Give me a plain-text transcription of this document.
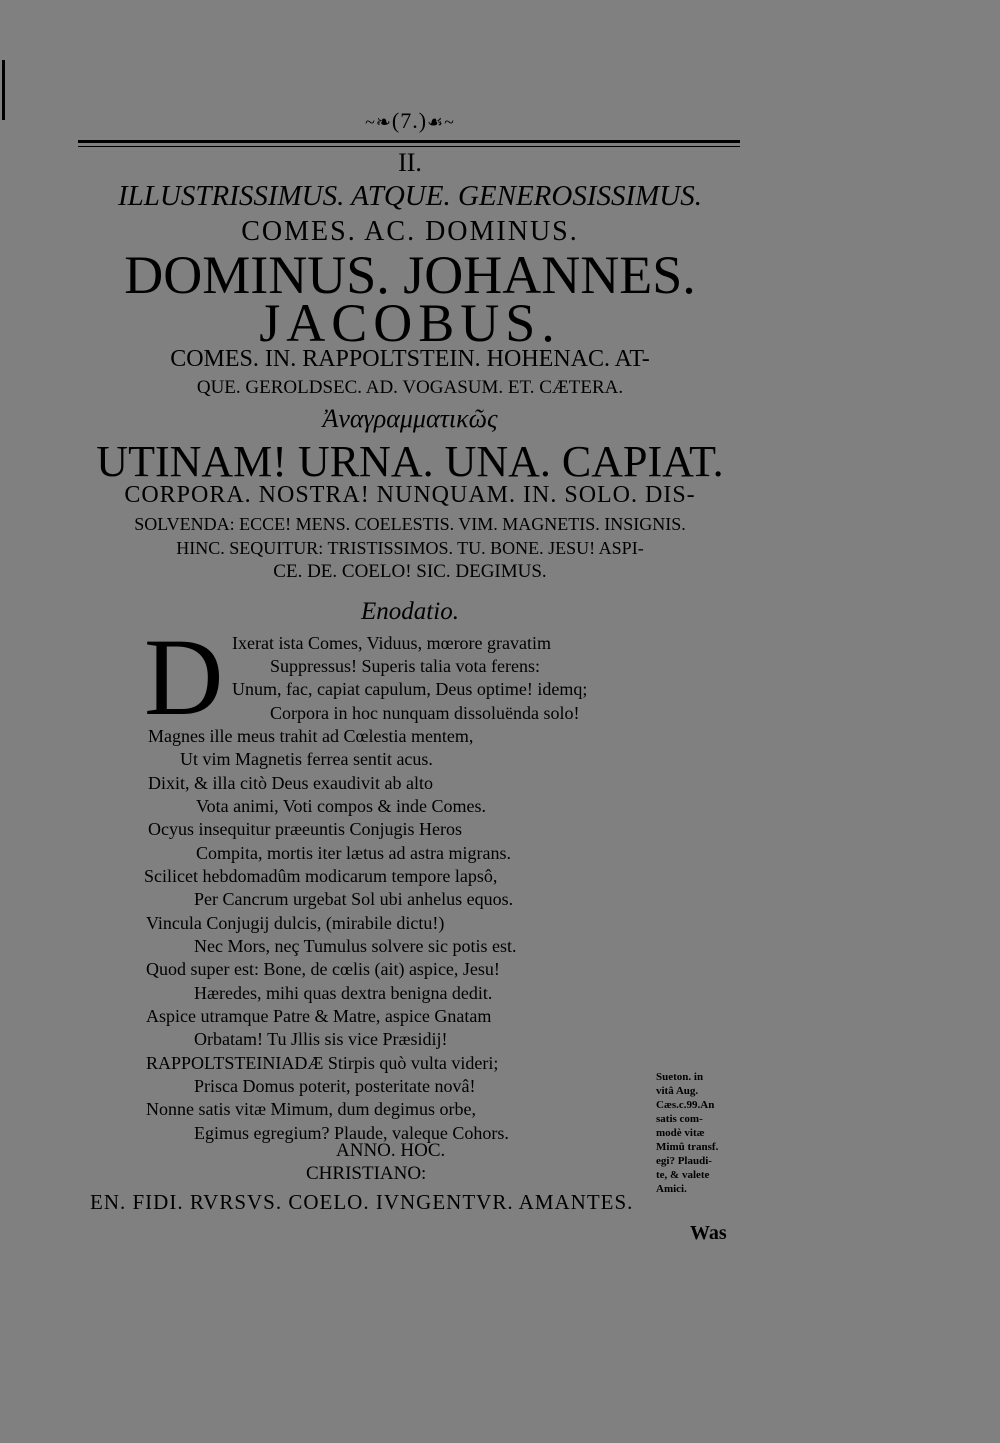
~❧(7.)☙~
II.
ILLUSTRISSIMUS. ATQUE. GENEROSISSIMUS.
COMES. AC. DOMINUS.
DOMINUS. JOHANNES.
JACOBUS.
COMES. IN. RAPPOLTSTEIN. HOHENAC. AT-
QUE. GEROLDSEC. AD. VOGASUM. ET. CÆTERA.
Ἀναγραμματικῶς
UTINAM! URNA. UNA. CAPIAT.
CORPORA. NOSTRA! NUNQUAM. IN. SOLO. DIS-
SOLVENDA: ECCE! MENS. COELESTIS. VIM. MAGNETIS. INSIGNIS.
HINC. SEQUITUR: TRISTISSIMOS. TU. BONE. JESU! ASPI-
CE. DE. COELO! SIC. DEGIMUS.
Enodatio.
D Ixerat ista Comes, Viduus, mœrore gravatim
Suppressus! Superis talia vota ferens:
Unum, fac, capiat capulum, Deus optime! idemq;
Corpora in hoc nunquam dissoluënda solo!
Magnes ille meus trahit ad Cœlestia mentem,
Ut vim Magnetis ferrea sentit acus.
Dixit, & illa citò Deus exaudivit ab alto
Vota animi, Voti compos & inde Comes.
Ocyus insequitur præeuntis Conjugis Heros
Compita, mortis iter lætus ad astra migrans.
Scilicet hebdomadûm modicarum tempore lapsô,
Per Cancrum urgebat Sol ubi anhelus equos.
Vincula Conjugij dulcis, (mirabile dictu!)
Nec Mors, neç Tumulus solvere sic potis est.
Quod super est: Bone, de cœlis (ait) aspice, Jesu!
Hæredes, mihi quas dextra benigna dedit.
Aspice utramque Patre & Matre, aspice Gnatam
Orbatam! Tu Jllis sis vice Præsidij!
RAPPOLTSTEINIADÆ Stirpis quò vulta videri;
Prisca Domus poterit, posteritate novâ!
Nonne satis vitæ Mimum, dum degimus orbe,
Egimus egregium? Plaude, valeque Cohors.
ANNO. HOC.
CHRISTIANO:
EN. FIDI. RVRSVS. COELO. IVNGENTVR. AMANTES.
Sueton. in
vitâ Aug.
Cæs.c.99.An
satis com-
modè vitæ
Mimû transf.
egi? Plaudi-
te, & valete
Amici.
Was
